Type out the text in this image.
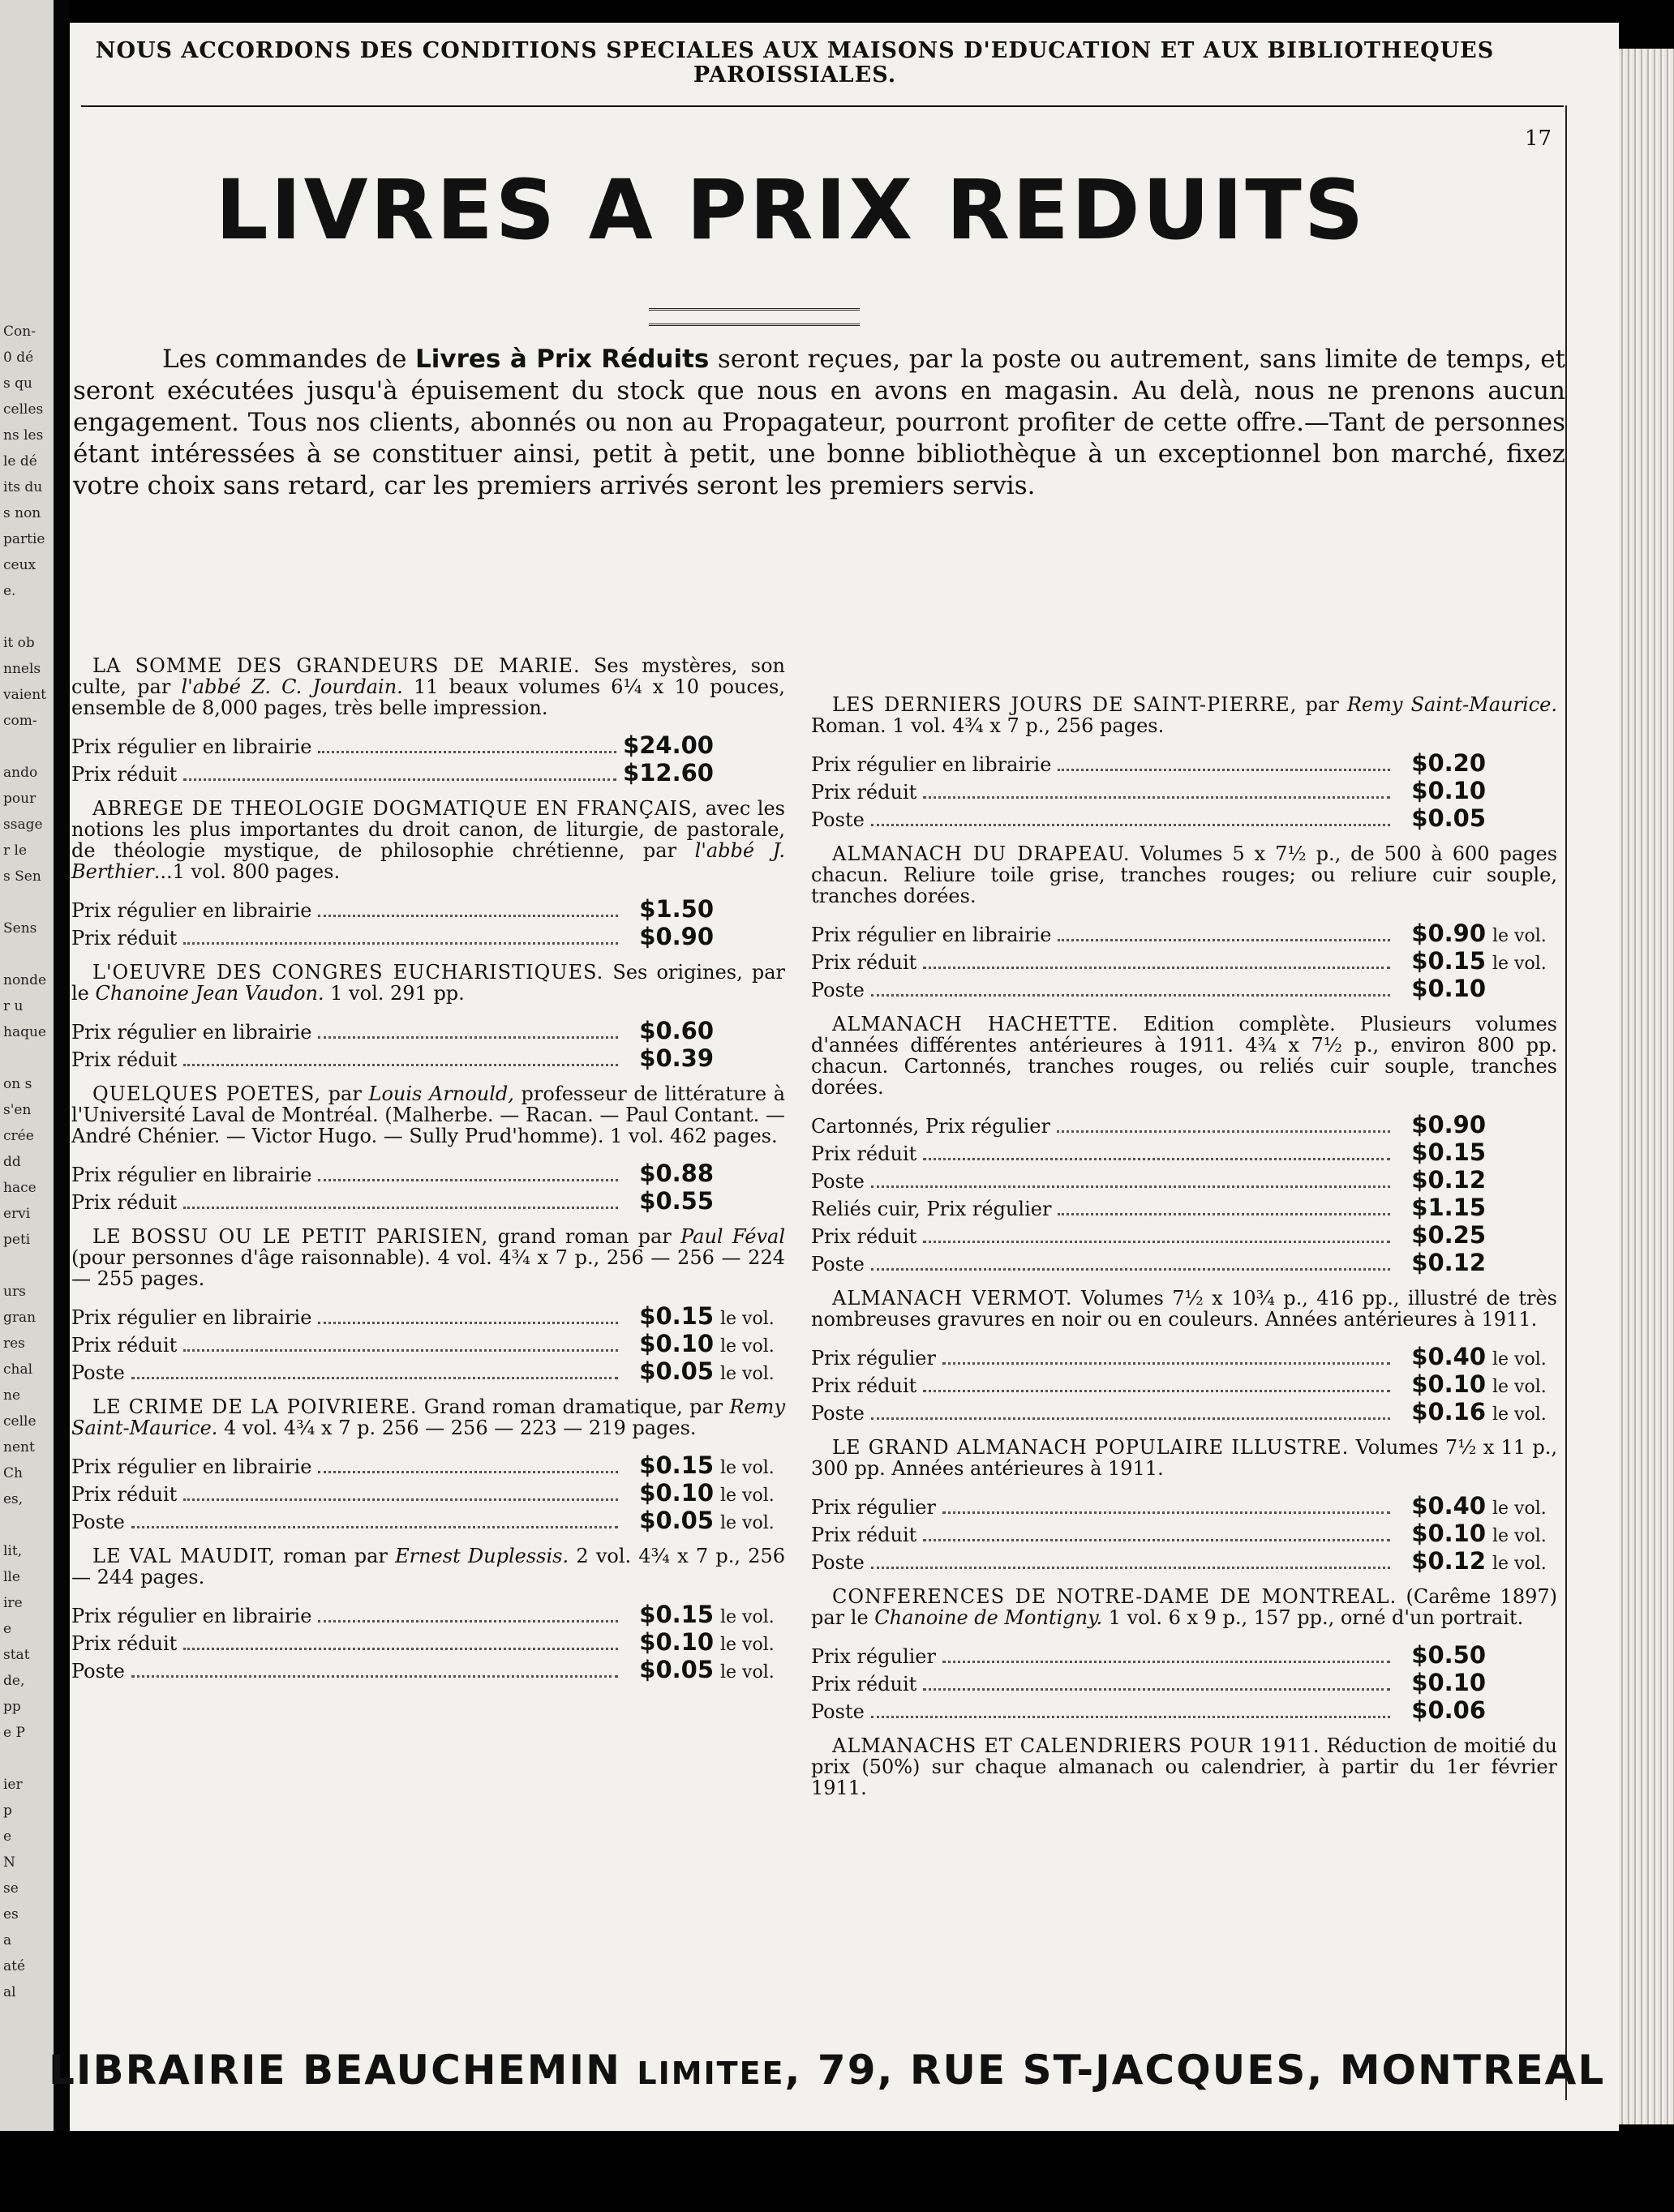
Con-
0 dé
s qu
celles
ns les
le dé
its du
s non
partie
ceux
e.
it ob
nnels
vaient
com-
ando
pour
ssage
r le
s Sen
Sens
nonde
r u
haque
on s
s'en
crée
dd
hace
ervi
peti
urs
gran
res
chal
ne
celle
nent
Ch
es,
lit,
lle
ire
e
stat
de,
pp
e P
ier
p
e
N
se
es
a
até
al
NOUS ACCORDONS DES CONDITIONS SPECIALES AUX MAISONS D'EDUCATION ET AUX BIBLIOTHEQUES
PAROISSIALES.
17
LIVRES A PRIX REDUITS

Les commandes de Livres à Prix Réduits seront reçues, par la poste ou autrement, sans limite de temps, et seront exécutées jusqu'à épuisement du stock que nous en avons en magasin. Au delà, nous ne prenons aucun engagement. Tous nos clients, abonnés ou non au Propagateur, pourront profiter de cette offre.—Tant de personnes étant intéressées à se constituer ainsi, petit à petit, une bonne bibliothèque à un exceptionnel bon marché, fixez votre choix sans retard, car les premiers arrivés seront les premiers servis.

LA SOMME DES GRANDEURS DE MARIE. Ses mystères, son culte, par l'abbé Z. C. Jourdain. 11 beaux volumes 6¼ x 10 pouces, ensemble de 8,000 pages, très belle impression.
Prix régulier en librairie	$24.00
Prix réduit	$12.60
ABREGE DE THEOLOGIE DOGMATIQUE EN FRANÇAIS, avec les notions les plus importantes du droit canon, de liturgie, de pastorale, de théologie mystique, de philosophie chrétienne, par l'abbé J. Berthier...1 vol. 800 pages.
Prix régulier en librairie	$1.50
Prix réduit	$0.90
L'OEUVRE DES CONGRES EUCHARISTIQUES. Ses origines, par le Chanoine Jean Vaudon. 1 vol. 291 pp.
Prix régulier en librairie	$0.60
Prix réduit	$0.39
QUELQUES POETES, par Louis Arnould, professeur de littérature à l'Université Laval de Montréal. (Malherbe. — Racan. — Paul Contant. — André Chénier. — Victor Hugo. — Sully Prud'homme). 1 vol. 462 pages.
Prix régulier en librairie	$0.88
Prix réduit	$0.55
LE BOSSU OU LE PETIT PARISIEN, grand roman par Paul Féval (pour personnes d'âge raisonnable). 4 vol. 4¾ x 7 p., 256 — 256 — 224 — 255 pages.
Prix régulier en librairie	$0.15 le vol.
Prix réduit	$0.10 le vol.
Poste	$0.05 le vol.
LE CRIME DE LA POIVRIERE. Grand roman dramatique, par Remy Saint-Maurice. 4 vol. 4¾ x 7 p. 256 — 256 — 223 — 219 pages.
Prix régulier en librairie	$0.15 le vol.
Prix réduit	$0.10 le vol.
Poste	$0.05 le vol.
LE VAL MAUDIT, roman par Ernest Duplessis. 2 vol. 4¾ x 7 p., 256 — 244 pages.
Prix régulier en librairie	$0.15 le vol.
Prix réduit	$0.10 le vol.
Poste	$0.05 le vol.
LES DERNIERS JOURS DE SAINT-PIERRE, par Remy Saint-Maurice. Roman. 1 vol. 4¾ x 7 p., 256 pages.
Prix régulier en librairie	$0.20
Prix réduit	$0.10
Poste	$0.05
ALMANACH DU DRAPEAU. Volumes 5 x 7½ p., de 500 à 600 pages chacun. Reliure toile grise, tranches rouges; ou reliure cuir souple, tranches dorées.
Prix régulier en librairie	$0.90 le vol.
Prix réduit	$0.15 le vol.
Poste	$0.10
ALMANACH HACHETTE. Edition complète. Plusieurs volumes d'années différentes antérieures à 1911. 4¾ x 7½ p., environ 800 pp. chacun. Cartonnés, tranches rouges, ou reliés cuir souple, tranches dorées.
Cartonnés, Prix régulier	$0.90
Prix réduit	$0.15
Poste	$0.12
Reliés cuir, Prix régulier	$1.15
Prix réduit	$0.25
Poste	$0.12
ALMANACH VERMOT. Volumes 7½ x 10¾ p., 416 pp., illustré de très nombreuses gravures en noir ou en couleurs. Années antérieures à 1911.
Prix régulier	$0.40 le vol.
Prix réduit	$0.10 le vol.
Poste	$0.16 le vol.
LE GRAND ALMANACH POPULAIRE ILLUSTRE. Volumes 7½ x 11 p., 300 pp. Années antérieures à 1911.
Prix régulier	$0.40 le vol.
Prix réduit	$0.10 le vol.
Poste	$0.12 le vol.
CONFERENCES DE NOTRE-DAME DE MONTREAL. (Carême 1897) par le Chanoine de Montigny. 1 vol. 6 x 9 p., 157 pp., orné d'un portrait.
Prix régulier	$0.50
Prix réduit	$0.10
Poste	$0.06
ALMANACHS ET CALENDRIERS POUR 1911. Réduction de moitié du prix (50%) sur chaque almanach ou calendrier, à partir du 1er février 1911.
LIBRAIRIE BEAUCHEMIN LIMITEE, 79, RUE ST-JACQUES, MONTREAL
